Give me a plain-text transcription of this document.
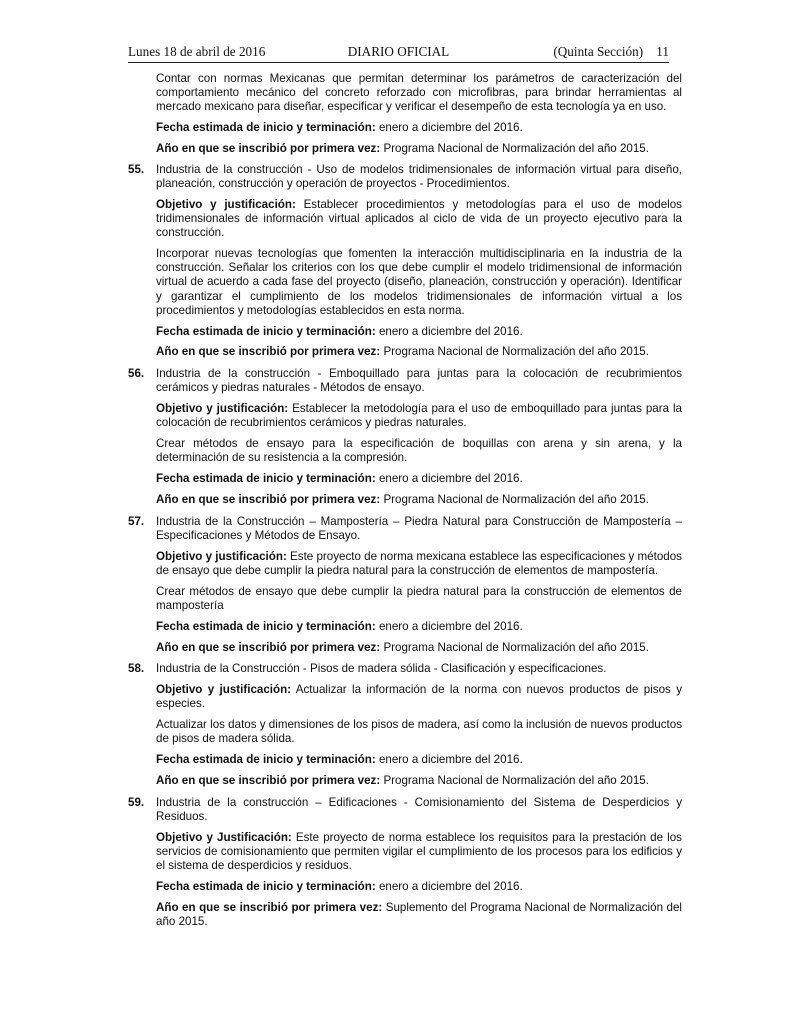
Lunes 18 de abril de 2016	DIARIO OFICIAL	(Quinta Sección) 11

Contar con normas Mexicanas que permitan determinar los parámetros de caracterización del comportamiento mecánico del concreto reforzado con microfibras, para brindar herramientas al mercado mexicano para diseñar, especificar y verificar el desempeño de esta tecnología ya en uso.

Fecha estimada de inicio y terminación: enero a diciembre del 2016.

Año en que se inscribió por primera vez: Programa Nacional de Normalización del año 2015.

55.	Industria de la construcción - Uso de modelos tridimensionales de información virtual para diseño, planeación, construcción y operación de proyectos - Procedimientos.

Objetivo y justificación: Establecer procedimientos y metodologías para el uso de modelos tridimensionales de información virtual aplicados al ciclo de vida de un proyecto ejecutivo para la construcción.

Incorporar nuevas tecnologías que fomenten la interacción multidisciplinaria en la industria de la construcción. Señalar los criterios con los que debe cumplir el modelo tridimensional de información virtual de acuerdo a cada fase del proyecto (diseño, planeación, construcción y operación). Identificar y garantizar el cumplimiento de los modelos tridimensionales de información virtual a los procedimientos y metodologías establecidos en esta norma.

Fecha estimada de inicio y terminación: enero a diciembre del 2016.

Año en que se inscribió por primera vez: Programa Nacional de Normalización del año 2015.

56.	Industria de la construcción - Emboquillado para juntas para la colocación de recubrimientos cerámicos y piedras naturales - Métodos de ensayo.

Objetivo y justificación: Establecer la metodología para el uso de emboquillado para juntas para la colocación de recubrimientos cerámicos y piedras naturales.

Crear métodos de ensayo para la especificación de boquillas con arena y sin arena, y la determinación de su resistencia a la compresión.

Fecha estimada de inicio y terminación: enero a diciembre del 2016.

Año en que se inscribió por primera vez: Programa Nacional de Normalización del año 2015.

57.	Industria de la Construcción – Mampostería – Piedra Natural para Construcción de Mampostería – Especificaciones y Métodos de Ensayo.

Objetivo y justificación: Este proyecto de norma mexicana establece las especificaciones y métodos de ensayo que debe cumplir la piedra natural para la construcción de elementos de mampostería.

Crear métodos de ensayo que debe cumplir la piedra natural para la construcción de elementos de mampostería

Fecha estimada de inicio y terminación: enero a diciembre del 2016.

Año en que se inscribió por primera vez: Programa Nacional de Normalización del año 2015.

58.	Industria de la Construcción - Pisos de madera sólida - Clasificación y especificaciones.

Objetivo y justificación: Actualizar la información de la norma con nuevos productos de pisos y especies.

Actualizar los datos y dimensiones de los pisos de madera, así como la inclusión de nuevos productos de pisos de madera sólida.

Fecha estimada de inicio y terminación: enero a diciembre del 2016.

Año en que se inscribió por primera vez: Programa Nacional de Normalización del año 2015.

59.	Industria de la construcción – Edificaciones - Comisionamiento del Sistema de Desperdicios y Residuos.

Objetivo y Justificación: Este proyecto de norma establece los requisitos para la prestación de los servicios de comisionamiento que permiten vigilar el cumplimiento de los procesos para los edificios y el sistema de desperdicios y residuos.

Fecha estimada de inicio y terminación: enero a diciembre del 2016.

Año en que se inscribió por primera vez: Suplemento del Programa Nacional de Normalización del año 2015.
